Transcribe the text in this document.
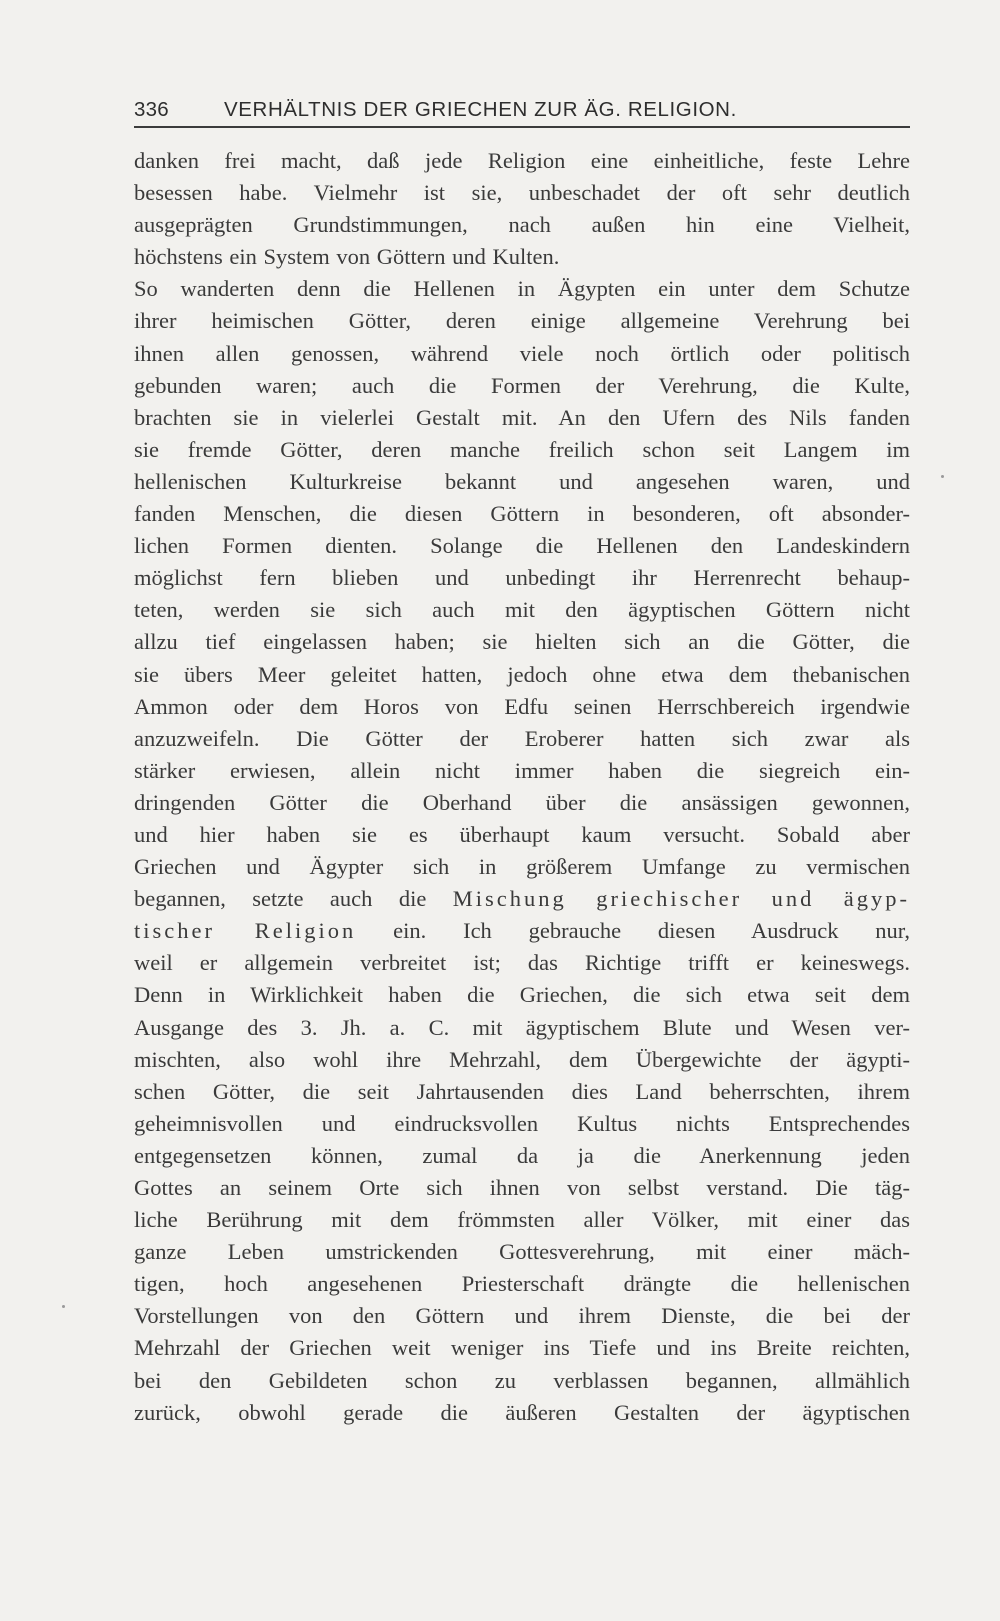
336	VERHÄLTNIS DER GRIECHEN ZUR ÄG. RELIGION.
danken frei macht, daß jede Religion eine einheitliche, feste Lehre
besessen habe. Vielmehr ist sie, unbeschadet der oft sehr deutlich
ausgeprägten Grundstimmungen, nach außen hin eine Vielheit,
höchstens ein System von Göttern und Kulten.
So wanderten denn die Hellenen in Ägypten ein unter dem Schutze
ihrer heimischen Götter, deren einige allgemeine Verehrung bei
ihnen allen genossen, während viele noch örtlich oder politisch
gebunden waren; auch die Formen der Verehrung, die Kulte,
brachten sie in vielerlei Gestalt mit. An den Ufern des Nils fanden
sie fremde Götter, deren manche freilich schon seit Langem im
hellenischen Kulturkreise bekannt und angesehen waren, und
fanden Menschen, die diesen Göttern in besonderen, oft absonder-
lichen Formen dienten. Solange die Hellenen den Landeskindern
möglichst fern blieben und unbedingt ihr Herrenrecht behaup-
teten, werden sie sich auch mit den ägyptischen Göttern nicht
allzu tief eingelassen haben; sie hielten sich an die Götter, die
sie übers Meer geleitet hatten, jedoch ohne etwa dem thebanischen
Ammon oder dem Horos von Edfu seinen Herrschbereich irgendwie
anzuzweifeln. Die Götter der Eroberer hatten sich zwar als
stärker erwiesen, allein nicht immer haben die siegreich ein-
dringenden Götter die Oberhand über die ansässigen gewonnen,
und hier haben sie es überhaupt kaum versucht. Sobald aber
Griechen und Ägypter sich in größerem Umfange zu vermischen
begannen, setzte auch die Mischung griechischer und ägyp-
tischer Religion ein. Ich gebrauche diesen Ausdruck nur,
weil er allgemein verbreitet ist; das Richtige trifft er keineswegs.
Denn in Wirklichkeit haben die Griechen, die sich etwa seit dem
Ausgange des 3. Jh. a. C. mit ägyptischem Blute und Wesen ver-
mischten, also wohl ihre Mehrzahl, dem Übergewichte der ägypti-
schen Götter, die seit Jahrtausenden dies Land beherrschten, ihrem
geheimnisvollen und eindrucksvollen Kultus nichts Entsprechendes
entgegensetzen können, zumal da ja die Anerkennung jeden
Gottes an seinem Orte sich ihnen von selbst verstand. Die täg-
liche Berührung mit dem frömmsten aller Völker, mit einer das
ganze Leben umstrickenden Gottesverehrung, mit einer mäch-
tigen, hoch angesehenen Priesterschaft drängte die hellenischen
Vorstellungen von den Göttern und ihrem Dienste, die bei der
Mehrzahl der Griechen weit weniger ins Tiefe und ins Breite reichten,
bei den Gebildeten schon zu verblassen begannen, allmählich
zurück, obwohl gerade die äußeren Gestalten der ägyptischen
